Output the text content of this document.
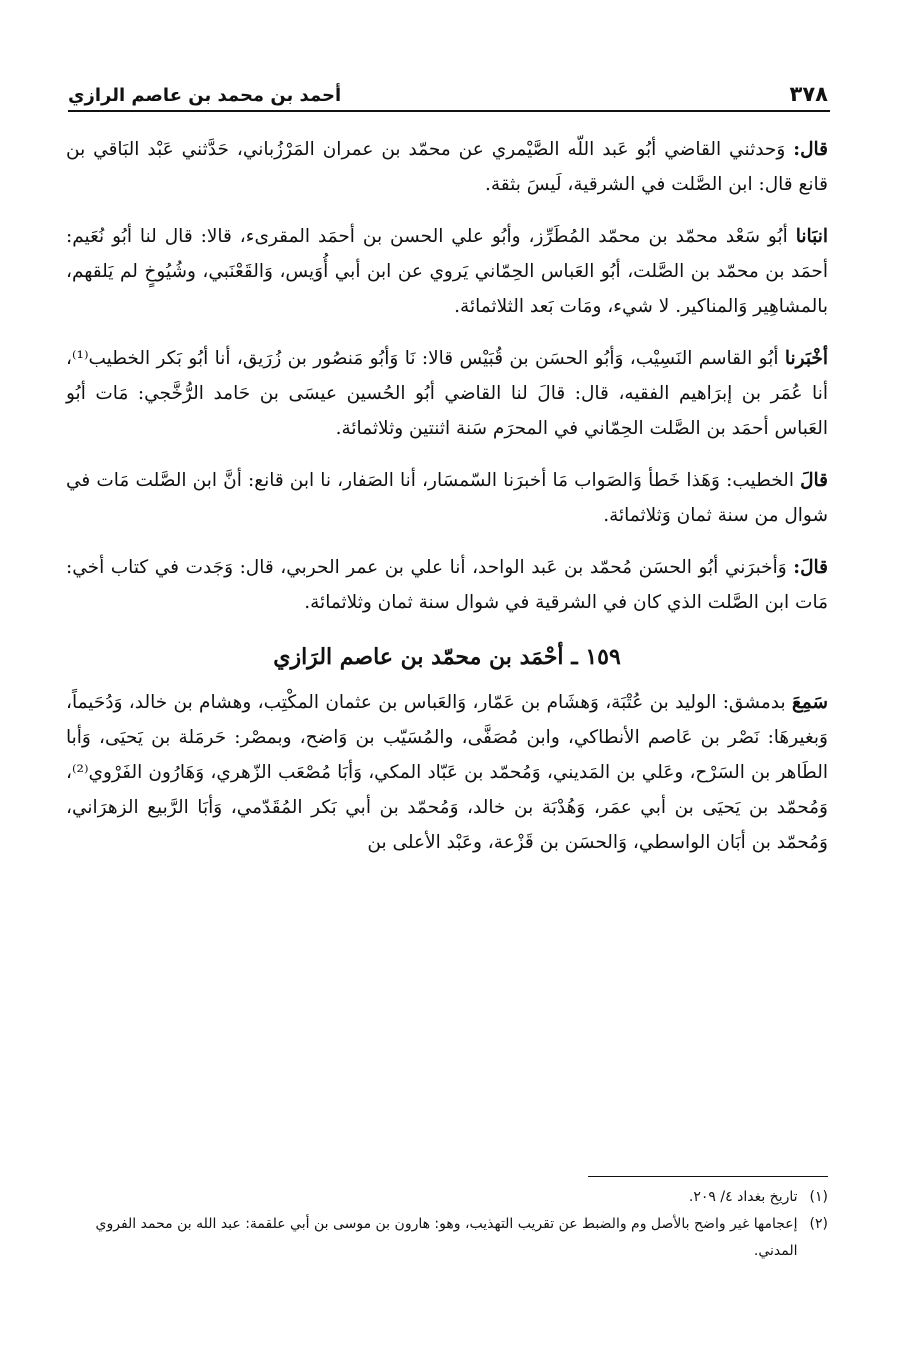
٣٧٨
أحمد بن محمد بن عاصم الرازي

قال: وَحدثني القاضي أبُو عَبد اللّه الصَّيْمري عن محمّد بن عمران المَرْزُباني، حَدَّثني عَبْد البَاقي بن قانع قال: ابن الصَّلت في الشرقية، لَيسَ بثقة.

انبَانا أبُو سَعْد محمّد بن محمّد المُطَرِّز، وأبُو علي الحسن بن أحمَد المقرىء، قالا: قال لنا أبُو نُعَيم: أحمَد بن محمّد بن الصَّلت، أبُو العَباس الحِمّاني يَروي عن ابن أبي أُوَيس، وَالقَعْنَبي، وشُيُوخٍ لم يَلقهم، بالمشاهِير وَالمناكير. لا شيء، ومَات بَعد الثلاثمائة.

أخْبَرنا أبُو القاسم النَسِيْب، وَأبُو الحسَن بن قُبَيْس قالا: نَا وَأبُو مَنصُور بن زُرَيق، أنا أبُو بَكر الخطيب⁽¹⁾، أنا عُمَر بن إبرَاهيم الفقيه، قال: قالَ لنا القاضي أبُو الحُسين عيسَى بن حَامد الرُّخَّجي: مَات أبُو العَباس أحمَد بن الصَّلت الحِمّاني في المحرَم سَنة اثنتين وثلاثمائة.

قالَ الخطيب: وَهَذا خَطأ وَالصَواب مَا أخبرَنا السّمسَار، أنا الصَفار، نا ابن قانع: أنَّ ابن الصَّلت مَات في شوال من سنة ثمان وَثلاثمائة.

قالَ: وَأخبرَني أبُو الحسَن مُحمّد بن عَبد الواحد، أنا علي بن عمر الحربي، قال: وَجَدت في كتاب أخي: مَات ابن الصَّلت الذي كان في الشرقية في شوال سنة ثمان وثلاثمائة.

١٥٩ ـ أحْمَد بن محمّد بن عاصم الرَازي

سَمِعَ بدمشق: الوليد بن عُتْبَة، وَهشَام بن عَمّار، وَالعَباس بن عثمان المكْتِب، وهشام بن خالد، وَدُحَيماً، وَبغيرهَا: نَصْر بن عَاصم الأنطاكي، وابن مُصَفَّى، والمُسَيّب بن وَاضح، وبمصْر: حَرمَلة بن يَحيَى، وَأبا الطَاهر بن السَرْح، وعَلي بن المَديني، وَمُحمّد بن عَبّاد المكي، وَأبَا مُصْعَب الزّهري، وَهَارُون الفَرْوي⁽²⁾، وَمُحمّد بن يَحيَى بن أبي عمَر، وَهُدْبَة بن خالد، وَمُحمّد بن أبي بَكر المُقَدّمي، وَأبَا الرَّبيع الزهرَاني، وَمُحمّد بن أبَان الواسطي، وَالحسَن بن قَزْعة، وعَبْد الأعلى بن

(١)
تاريخ بغداد ٤/ ٢٠٩.
(٢)
إعجامها غير واضح بالأصل وم والضبط عن تقريب التهذيب، وهو: هارون بن موسى بن أبي علقمة: عبد الله بن محمد الفروي المدني.
